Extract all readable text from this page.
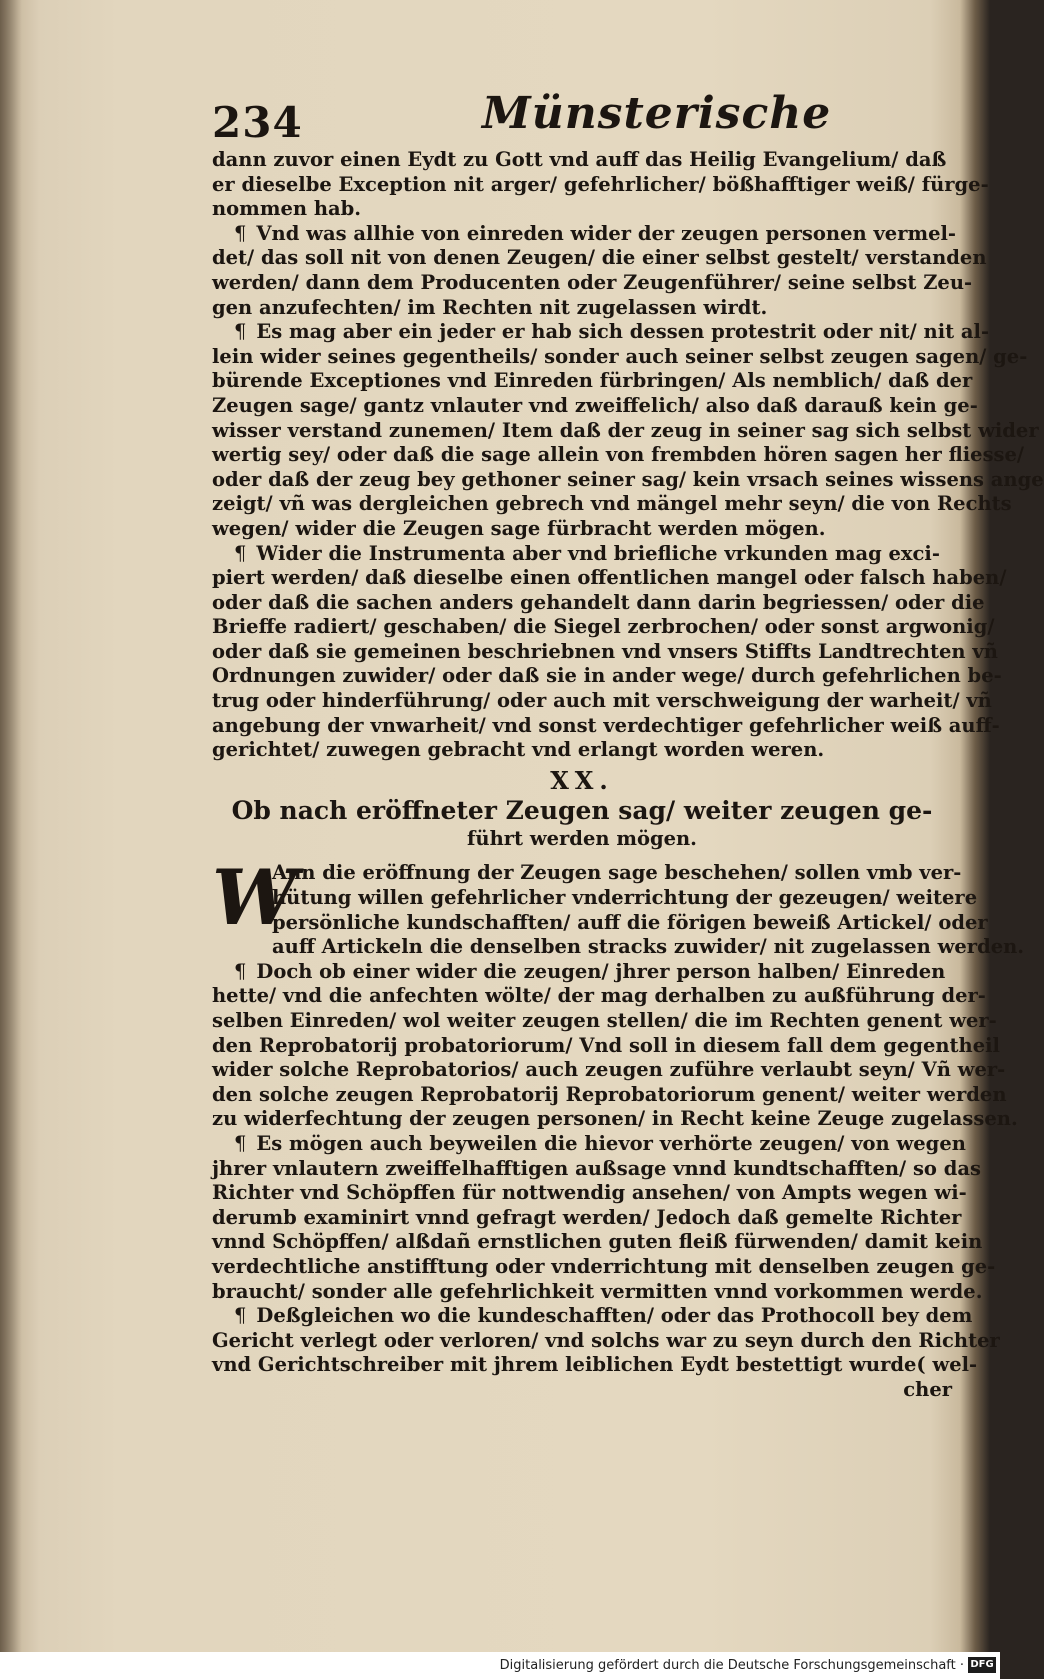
234	Münsterische

dann zuvor einen Eydt zu Gott vnd auff das Heilig Evangelium/ daß
er dieselbe Exception nit arger/ gefehrlicher/ bößhafftiger weiß/ fürge-
nommen hab.

¶ Vnd was allhie von einreden wider der zeugen personen vermel-
det/ das soll nit von denen Zeugen/ die einer selbst gestelt/ verstanden
werden/ dann dem Producenten oder Zeugenführer/ seine selbst Zeu-
gen anzufechten/ im Rechten nit zugelassen wirdt.

¶ Es mag aber ein jeder er hab sich dessen protestrit oder nit/ nit al-
lein wider seines gegentheils/ sonder auch seiner selbst zeugen sagen/ ge-
bürende Exceptiones vnd Einreden fürbringen/ Als nemblich/ daß der
Zeugen sage/ gantz vnlauter vnd zweiffelich/ also daß darauß kein ge-
wisser verstand zunemen/ Item daß der zeug in seiner sag sich selbst wider
wertig sey/ oder daß die sage allein von frembden hören sagen her fliesse/
oder daß der zeug bey gethoner seiner sag/ kein vrsach seines wissens ange
zeigt/ vñ was dergleichen gebrech vnd mängel mehr seyn/ die von Rechts
wegen/ wider die Zeugen sage fürbracht werden mögen.

¶ Wider die Instrumenta aber vnd briefliche vrkunden mag exci-
piert werden/ daß dieselbe einen offentlichen mangel oder falsch haben/
oder daß die sachen anders gehandelt dann darin begriessen/ oder die
Brieffe radiert/ geschaben/ die Siegel zerbrochen/ oder sonst argwonig/
oder daß sie gemeinen beschriebnen vnd vnsers Stiffts Landtrechten vñ
Ordnungen zuwider/ oder daß sie in ander wege/ durch gefehrlichen be-
trug oder hinderführung/ oder auch mit verschweigung der warheit/ vñ
angebung der vnwarheit/ vnd sonst verdechtiger gefehrlicher weiß auff-
gerichtet/ zuwegen gebracht vnd erlangt worden weren.

XX.
Ob nach eröffneter Zeugen sag/ weiter zeugen ge-
führt werden mögen.

W
Ann die eröffnung der Zeugen sage beschehen/ sollen vmb ver-
hütung willen gefehrlicher vnderrichtung der gezeugen/ weitere
persönliche kundschafften/ auff die förigen beweiß Artickel/ oder
auff Artickeln die denselben stracks zuwider/ nit zugelassen werden.

¶ Doch ob einer wider die zeugen/ jhrer person halben/ Einreden
hette/ vnd die anfechten wölte/ der mag derhalben zu außführung der-
selben Einreden/ wol weiter zeugen stellen/ die im Rechten genent wer-
den Reprobatorij probatoriorum/ Vnd soll in diesem fall dem gegentheil
wider solche Reprobatorios/ auch zeugen zuführe verlaubt seyn/ Vñ wer-
den solche zeugen Reprobatorij Reprobatoriorum genent/ weiter werden
zu widerfechtung der zeugen personen/ in Recht keine Zeuge zugelassen.

¶ Es mögen auch beyweilen die hievor verhörte zeugen/ von wegen
jhrer vnlautern zweiffelhafftigen außsage vnnd kundtschafften/ so das
Richter vnd Schöpffen für nottwendig ansehen/ von Ampts wegen wi-
derumb examinirt vnnd gefragt werden/ Jedoch daß gemelte Richter
vnnd Schöpffen/ alßdañ ernstlichen guten fleiß fürwenden/ damit kein
verdechtliche anstifftung oder vnderrichtung mit denselben zeugen ge-
braucht/ sonder alle gefehrlichkeit vermitten vnnd vorkommen werde.

¶ Deßgleichen wo die kundeschafften/ oder das Prothocoll bey dem
Gericht verlegt oder verloren/ vnd solchs war zu seyn durch den Richter
vnd Gerichtschreiber mit jhrem leiblichen Eydt bestettigt wurde( wel-

cher
Digitalisierung gefördert durch die Deutsche Forschungsgemeinschaft · DFG
